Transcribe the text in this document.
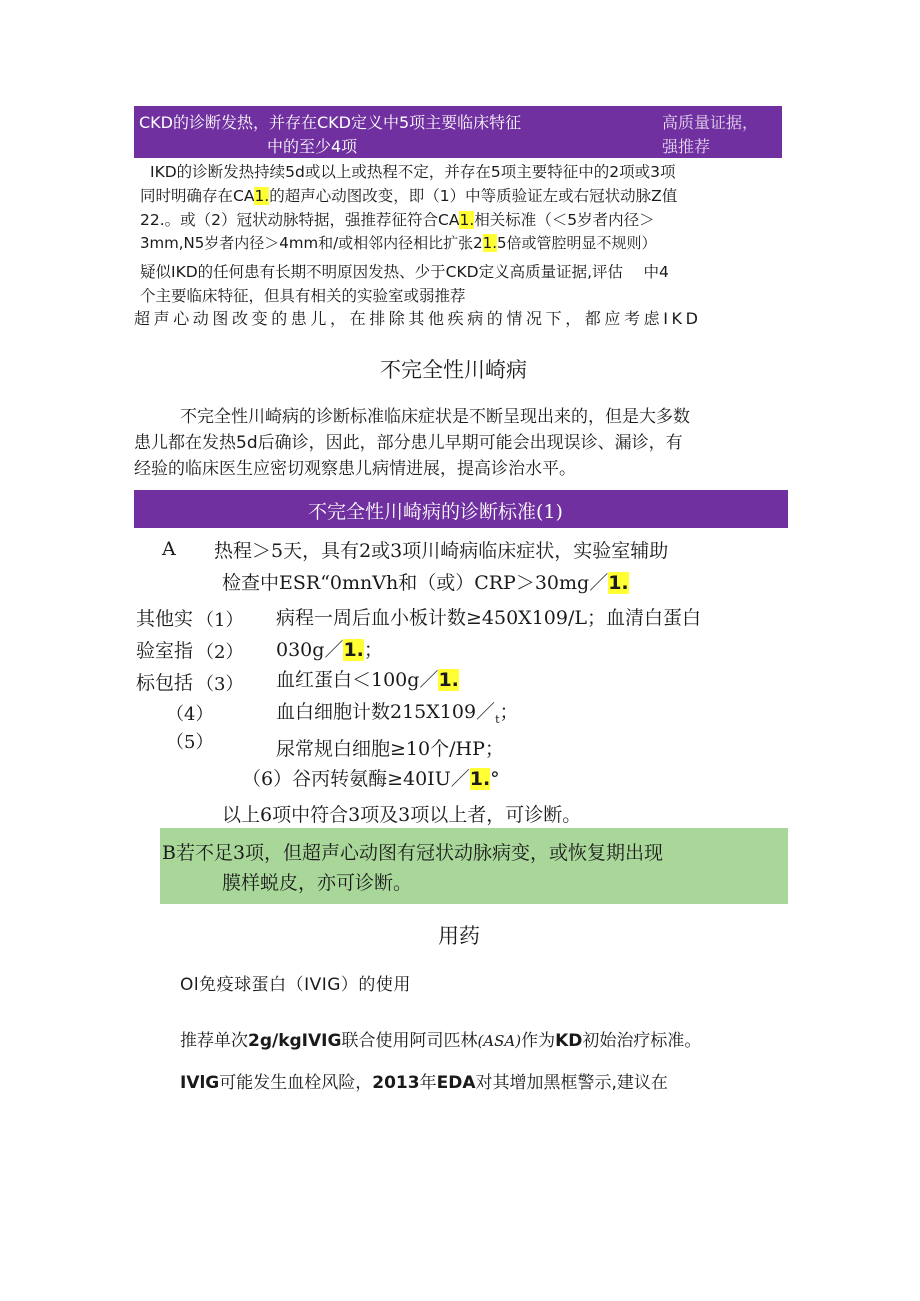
CKD的诊断发热，并存在CKD定义中5项主要临床特征
中的至少4项
高质量证据，
强推荐
IKD的诊断发热持续5d或以上或热程不定，并存在5项主要特征中的2项或3项
同时明确存在CA1.的超声心动图改变，即（1）中等质验证左或右冠状动脉Z值
22.。或（2）冠状动脉特据，强推荐征符合CA1.相关标准（＜5岁者内径＞
3mm,N5岁者内径＞4mm和/或相邻内径相比扩张21.5倍或管腔明显不规则）
疑似IKD的任何患有长期不明原因发热、少于CKD定义高质量证据,评估　 中4
个主要临床特征，但具有相关的实验室或弱推荐
超声心动图改变的患儿，在排除其他疾病的情况下，都应考虑IKD
不完全性川崎病
不完全性川崎病的诊断标准临床症状是不断呈现出来的，但是大多数
患儿都在发热5d后确诊，因此，部分患儿早期可能会出现误诊、漏诊，有
经验的临床医生应密切观察患儿病情进展，提高诊治水平。
不完全性川崎病的诊断标准(1)
A 热程＞5天，具有2或3项川崎病临床症状，实验室辅助
检查中ESR“0mnVh和（或）CRP＞30mg／1.
其他实
验室指
标包括
（1）
（2）
（3）
（4）
（5）
病程一周后血小板计数≥450X109/L；血清白蛋白
030g／1.；
血红蛋白＜100g／1.
血白细胞计数$215X109/_t$；
尿常规白细胞≥10个/HP；
（6）谷丙转氨酶≥40IU／1.°
以上6项中符合3项及3项以上者，可诊断。
B若不足3项，但超声心动图有冠状动脉病变，或恢复期出现
膜样蜕皮，亦可诊断。
用药
Ol免疫球蛋白（IVIG）的使用
推荐单次2g/kgIVIG联合使用阿司匹林(ASA)作为KD初始治疗标准。
IVlG可能发生血栓风险，2013年EDA对其增加黑框警示,建议在
